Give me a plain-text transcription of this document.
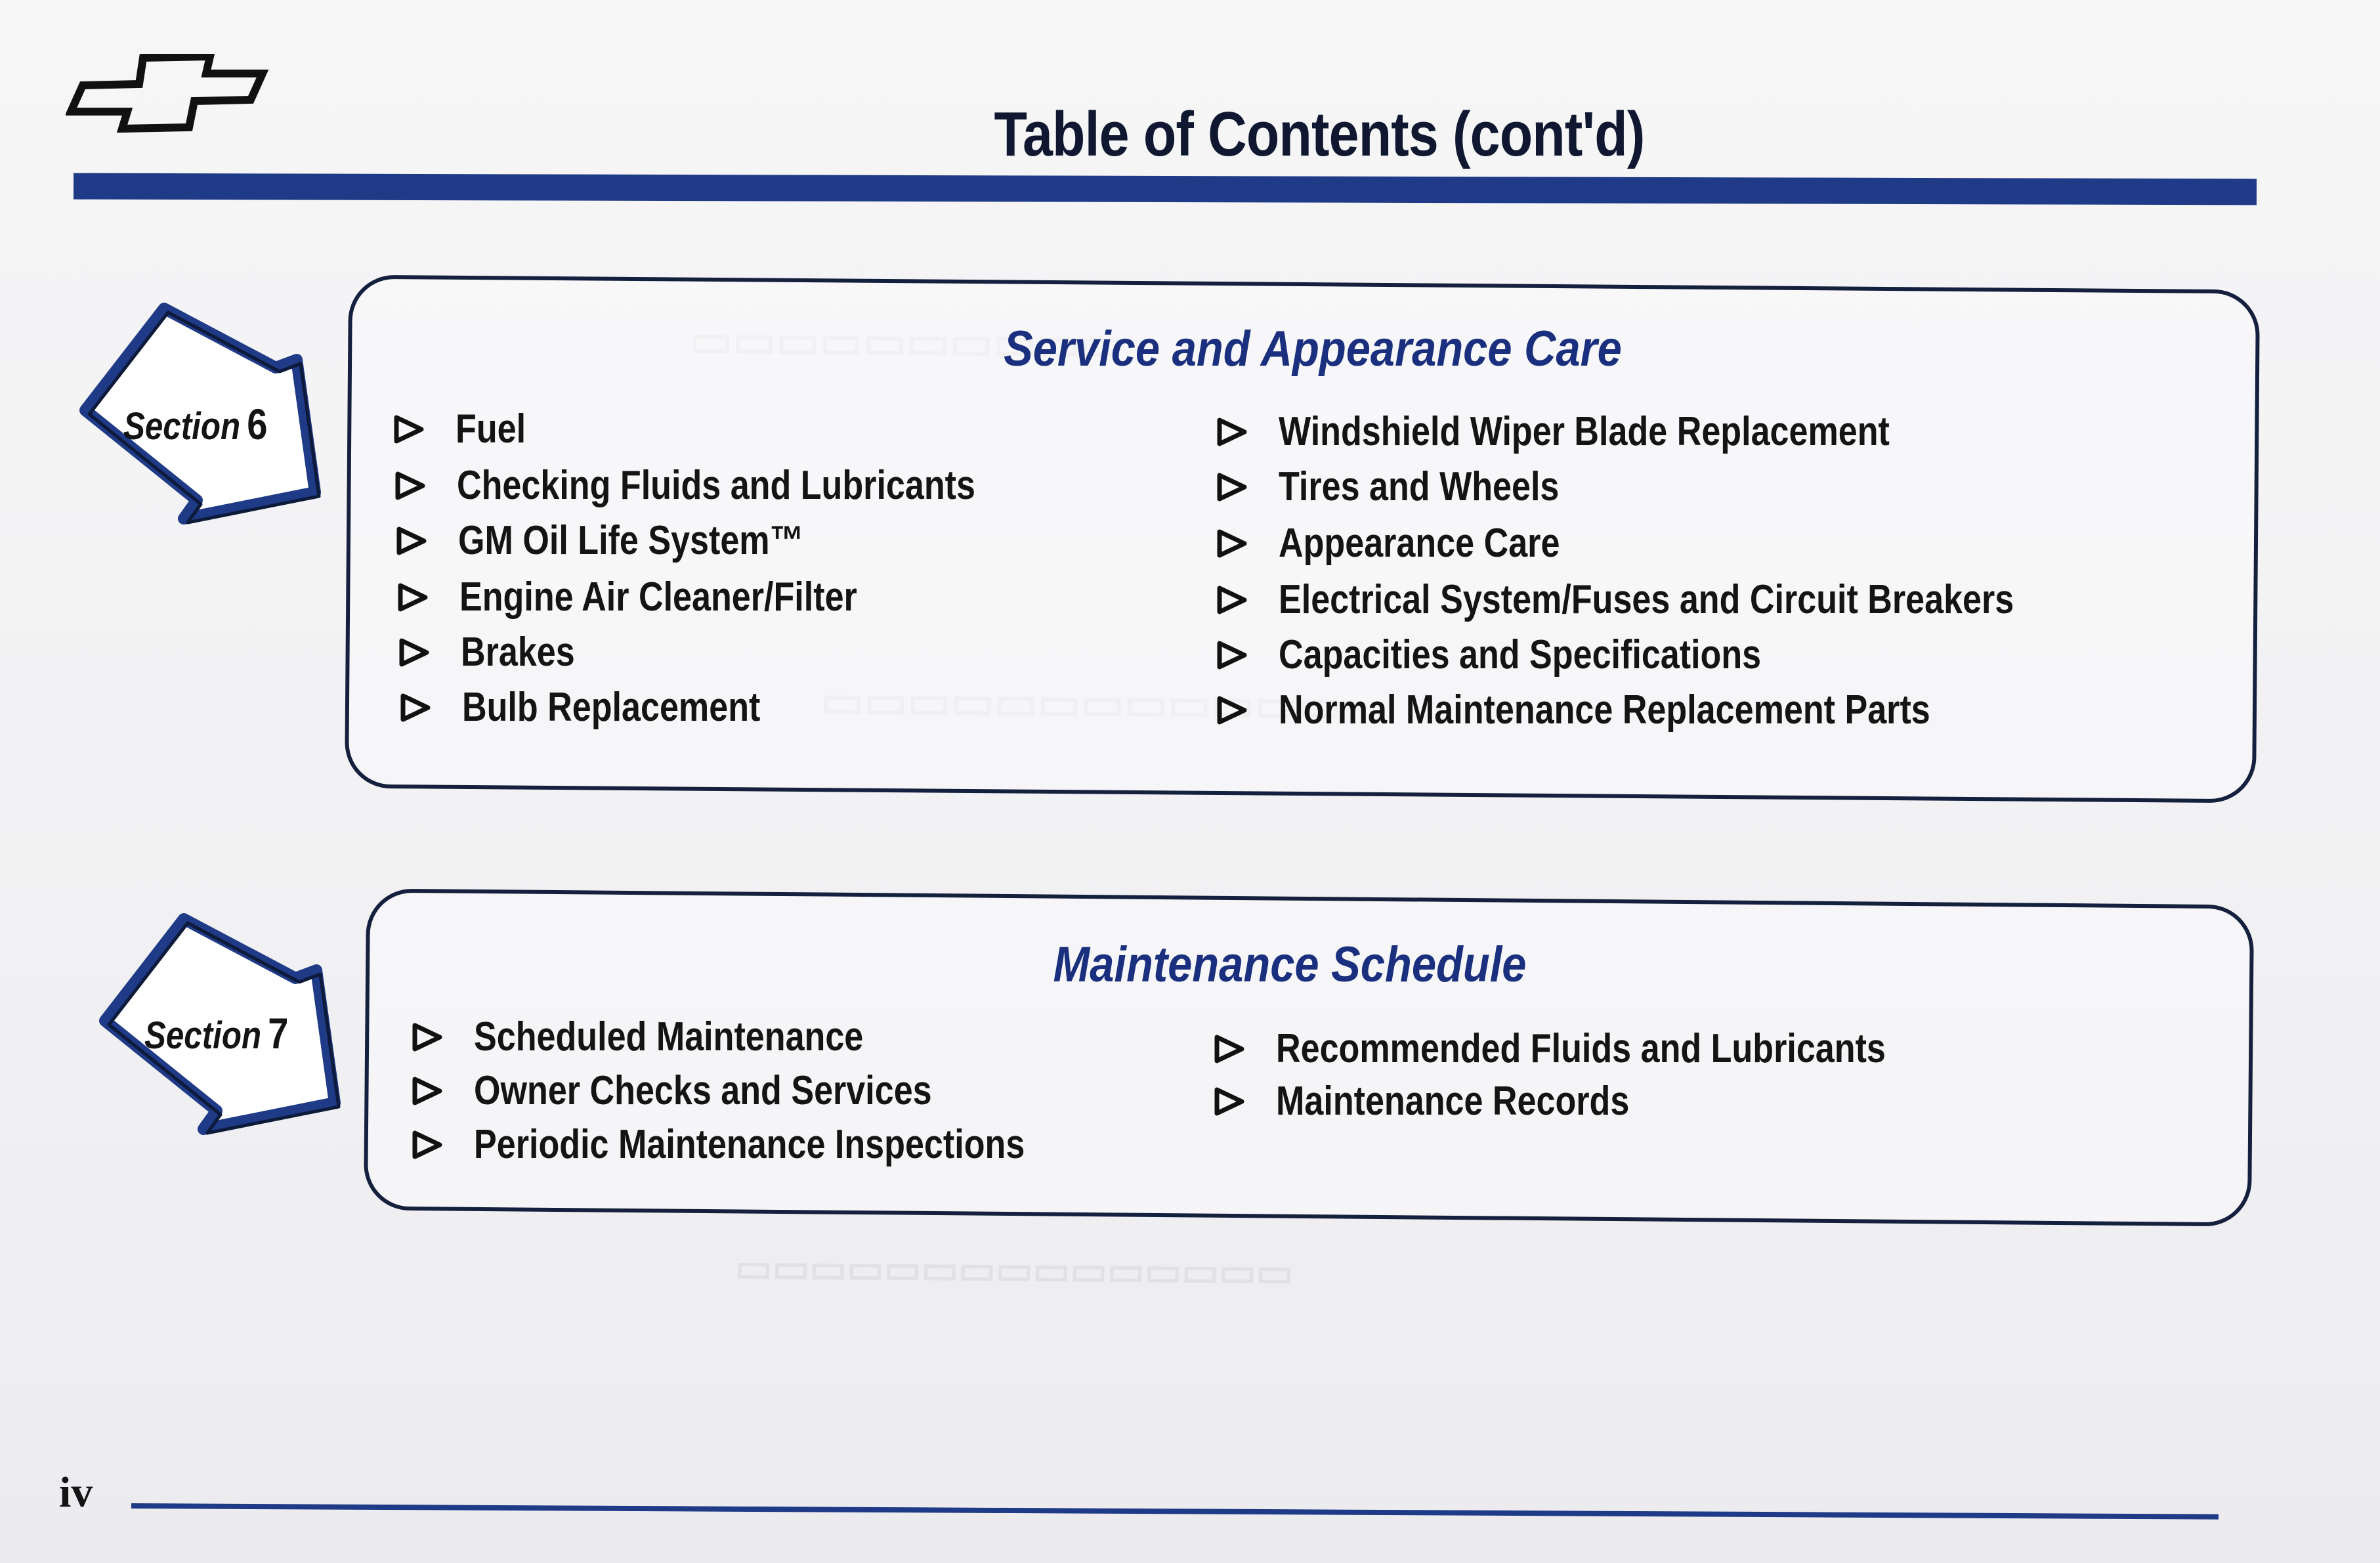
▭▭▭▭▭▭▭▭▭▭▭▭▭▭▭
Table of Contents (cont'd)
Section 6
Service and Appearance Care
Fuel
Checking Fluids and Lubricants
GM Oil Life System™
Engine Air Cleaner/Filter
Brakes
Bulb Replacement
Windshield Wiper Blade Replacement
Tires and Wheels
Appearance Care
Electrical System/Fuses and Circuit Breakers
Capacities and Specifications
Normal Maintenance Replacement Parts
Section 7
Maintenance Schedule
Scheduled Maintenance
Owner Checks and Services
Periodic Maintenance Inspections
Recommended Fluids and Lubricants
Maintenance Records
iv
